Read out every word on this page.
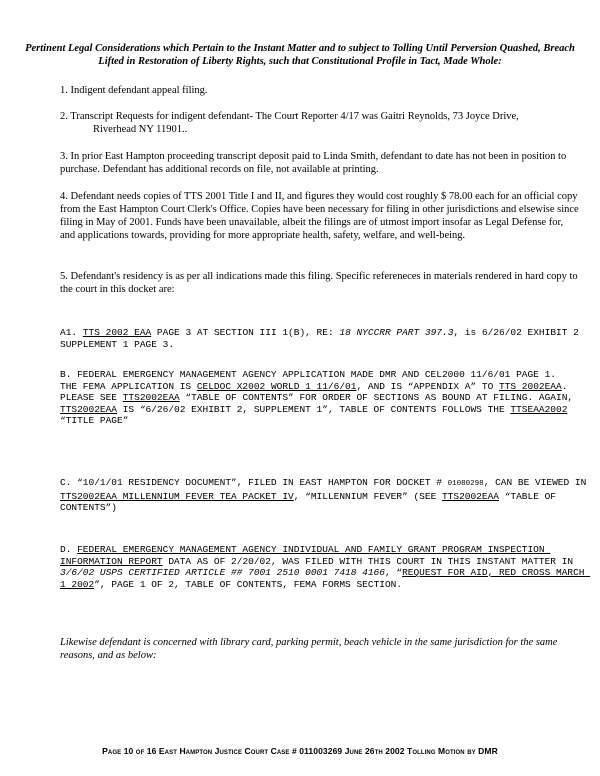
Pertinent Legal Considerations which Pertain to the Instant Matter and to subject to Tolling Until Perversion Quashed, Breach Lifted in Restoration of Liberty Rights, such that Constitutional Profile in Tact, Made Whole:

1. Indigent defendant appeal filing.

2. Transcript Requests for indigent defendant- The Court Reporter 4/17 was Gaitri Reynolds, 73 Joyce Drive,
Riverhead NY 11901..

3. In prior East Hampton proceeding transcript deposit paid to Linda Smith, defendant to date has not been in position to purchase. Defendant has additional records on file, not available at printing.

4. Defendant needs copies of TTS 2001 Title I and II, and figures they would cost roughly $ 78.00 each for an official copy from the East Hampton Court Clerk's Office. Copies have been necessary for filing in other jurisdictions and elsewise since filing in May of 2001. Funds have been unavailable, albeit the filings are of utmost import insofar as Legal Defense for, and applications towards, providing for more appropriate health, safety, welfare, and well-being.

5. Defendant's residency is as per all indications made this filing. Specific refereneces in materials rendered in hard copy to the court in this docket are:

A1. TTS 2002 EAA PAGE 3 AT SECTION III 1(B), RE: 18 NYCCRR PART 397.3, is 6/26/02 EXHIBIT 2 SUPPLEMENT 1 PAGE 3.

B. FEDERAL EMERGENCY MANAGEMENT AGENCY APPLICATION MADE DMR AND CEL2000 11/6/01 PAGE 1.
THE FEMA APPLICATION IS CELDOC X2002 WORLD 1 11/6/01, AND IS “APPENDIX A” TO TTS 2002EAA.
PLEASE SEE TTS2002EAA “TABLE OF CONTENTS” FOR ORDER OF SECTIONS AS BOUND AT FILING. AGAIN, TTS2002EAA IS “6/26/02 EXHIBIT 2, SUPPLEMENT 1”, TABLE OF CONTENTS FOLLOWS THE TTSEAA2002 “TITLE PAGE”
C. “10/1/01 RESIDENCY DOCUMENT”, FILED IN EAST HAMPTON FOR DOCKET # 01080298, CAN BE VIEWED IN
TTS2002EAA MILLENNIUM FEVER TEA PACKET IV, “MILLENNIUM FEVER” (SEE TTS2002EAA “TABLE OF CONTENTS”)

D. FEDERAL EMERGENCY MANAGEMENT AGENCY INDIVIDUAL AND FAMILY GRANT PROGRAM INSPECTION INFORMATION REPORT DATA AS OF 2/20/02, WAS FILED WITH THIS COURT IN THIS INSTANT MATTER IN 3/6/02 USPS CERTIFIED ARTICLE ## 7001 2510 0001 7418 4166, “REQUEST FOR AID, RED CROSS MARCH 1 2002”, PAGE 1 OF 2, TABLE OF CONTENTS, FEMA FORMS SECTION.

Likewise defendant is concerned with library card, parking permit, beach vehicle in the same jurisdiction for the same reasons, and as below:

Page 10 of 16 East Hampton Justice Court Case # 011003269 June 26th 2002 Tolling Motion by DMR
